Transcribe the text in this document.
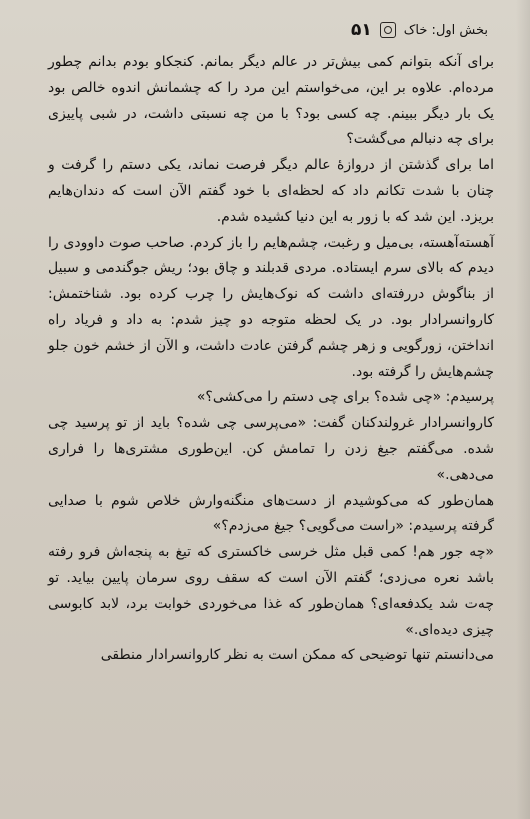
بخش اول: خاک
۵۱

برای آنکه بتوانم کمی بیش‌تر در عالم دیگر بمانم. کنجکاو بودم بدانم چطور مرده‌ام. علاوه بر این، می‌خواستم این مرد را که چشمانش اندوه خالص بود یک بار دیگر ببینم. چه کسی بود؟ با من چه نسبتی داشت، در شبی پاییزی برای چه دنبالم می‌گشت؟

اما برای گذشتن از دروازهٔ عالم دیگر فرصت نماند، یکی دستم را گرفت و چنان با شدت تکانم داد که لحظه‌ای با خود گفتم الآن است که دندان‌هایم بریزد. این شد که با زور به این دنیا کشیده شدم.

آهسته‌آهسته، بی‌میل و رغبت، چشم‌هایم را باز کردم. صاحب صوت داوودی را دیدم که بالای سرم ایستاده. مردی قدبلند و چاق بود؛ ریش جوگندمی و سبیل از بناگوش دررفته‌ای داشت که نوک‌هایش را چرب کرده بود. شناختمش: کاروانسرادار بود. در یک لحظه متوجه دو چیز شدم: به داد و فریاد راه انداختن، زورگویی و زهر چشم گرفتن عادت داشت، و الآن از خشم خون جلو چشم‌هایش را گرفته بود.

پرسیدم: «چی شده؟ برای چی دستم را می‌کشی؟»

کاروانسرادار غرولندکنان گفت: «می‌پرسی چی شده؟ باید از تو پرسید چی شده. می‌گفتم جیغ زدن را تمامش کن. این‌طوری مشتری‌ها را فراری می‌دهی.»

همان‌طور که می‌کوشیدم از دست‌های منگنه‌وارش خلاص شوم با صدایی گرفته پرسیدم: «راست می‌گویی؟ جیغ می‌زدم؟»

«چه جور هم! کمی قبل مثل خرسی خاکستری که تیغ به پنجه‌اش فرو رفته باشد نعره می‌زدی؛ گفتم الآن است که سقف روی سرمان پایین بیاید. تو چه‌ت شد یکدفعه‌ای؟ همان‌طور که غذا می‌خوردی خوابت برد، لابد کابوسی چیزی دیده‌ای.»

می‌دانستم تنها توضیحی که ممکن است به نظر کاروانسرادار منطقی
